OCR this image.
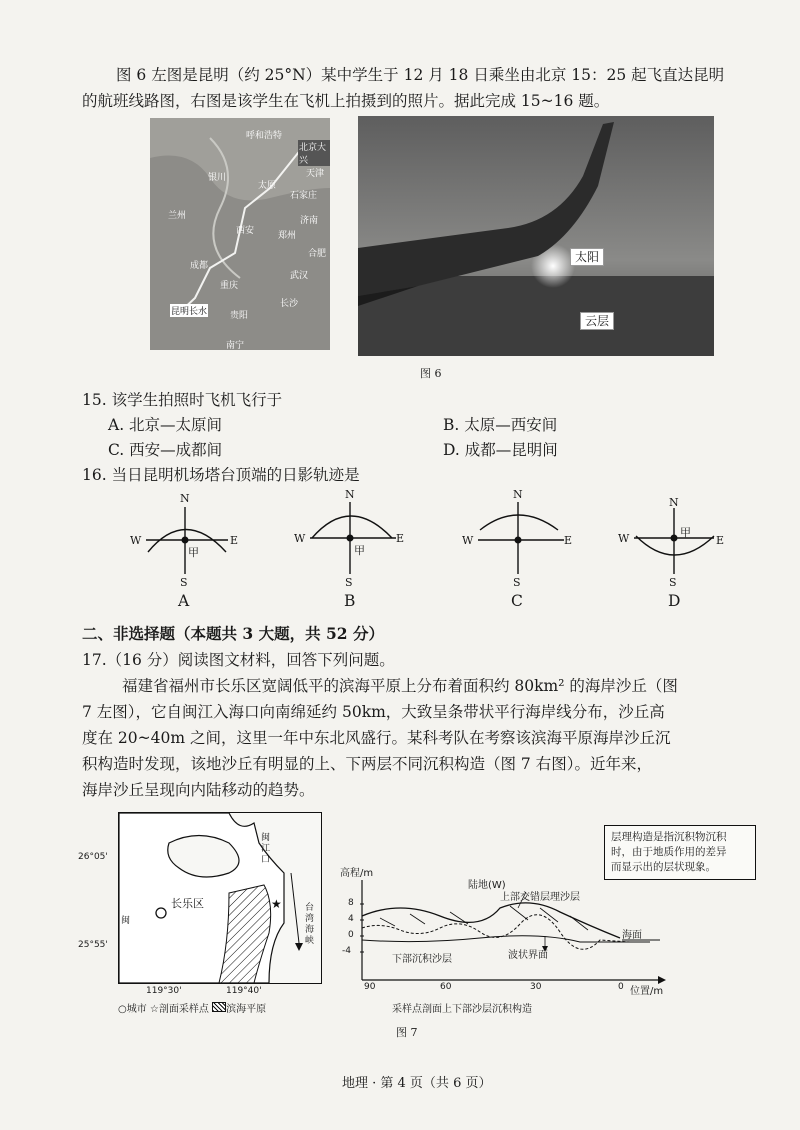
图 6 左图是昆明（约 25°N）某中学生于 12 月 18 日乘坐由北京 15：25 起飞直达昆明
的航班线路图，右图是该学生在飞机上拍摄到的照片。据此完成 15~16 题。
呼和浩特
北京大兴
天津
银川
太原
石家庄
济南
西安	郑州
成都
武汉
重庆
长沙
贵阳
南宁
昆明长水
兰州
合肥	太阳
云层
图 6
15. 该学生拍照时飞机飞行于
A. 北京—太原间	B. 太原—西安间
C. 西安—成都间	D. 成都—昆明间
16. 当日昆明机场塔台顶端的日影轨迹是
N
S
W	E
甲
A
N
S
W	E
甲
B
N
S
W	E
C
N
S
W	E
甲
D
二、非选择题（本题共 3 大题，共 52 分）
17.（16 分）阅读图文材料，回答下列问题。
福建省福州市长乐区宽阔低平的滨海平原上分布着面积约 80km² 的海岸沙丘（图
7 左图），它自闽江入海口向南绵延约 50km，大致呈条带状平行海岸线分布，沙丘高
度在 20~40m 之间，这里一年中东北风盛行。某科考队在考察该滨海平原海岸沙丘沉
积构造时发现，该地沙丘有明显的上、下两层不同沉积构造（图 7 右图）。近年来，
海岸沙丘呈现向内陆移动的趋势。
★
闽江口
长乐区	台湾海峡
闽
26°05'
25°55'
119°30'	119°40'
○城市 ☆剖面采样点 滨海平原
高程/m
8
4
0
-4
90	60	30	0 位置/m
陆地(W)
上部交错层理沙层
下部沉积沙层	波状界面
海面
采样点剖面上下部沙层沉积构造
层理构造是指沉积物沉积
时，由于地质作用的差异
而显示出的层状现象。
图 7
地理 · 第 4 页（共 6 页）
